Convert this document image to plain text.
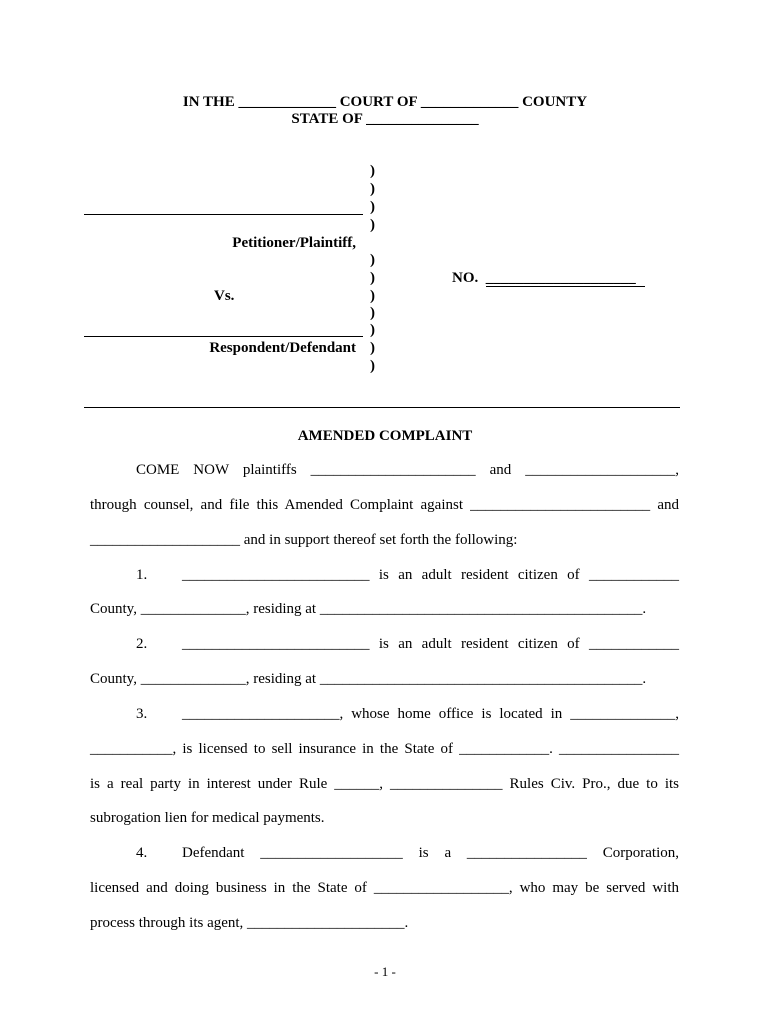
IN THE _____________ COURT OF _____________ COUNTY
STATE OF _______________
)
)
)
)
)
)
)
)
)
)
)
Petitioner/Plaintiff,
NO.  ____________________
Vs.
Respondent/Defendant
AMENDED COMPLAINT
COME NOW plaintiffs ______________________ and ____________________,
through counsel, and file this Amended Complaint against ________________________ and
____________________ and in support thereof set forth the following:
1. _________________________ is an adult resident citizen of ____________
County, ______________, residing at ___________________________________________.
2. _________________________ is an adult resident citizen of ____________
County, ______________, residing at ___________________________________________.
3. _____________________, whose home office is located in ______________,
___________, is licensed to sell insurance in the State of ____________. ________________
is a real party in interest under Rule ______, _______________ Rules Civ. Pro., due to its
subrogation lien for medical payments.
4. Defendant ___________________ is a ________________ Corporation,
licensed and doing business in the State of __________________, who may be served with
process through its agent, _____________________.
- 1 -
